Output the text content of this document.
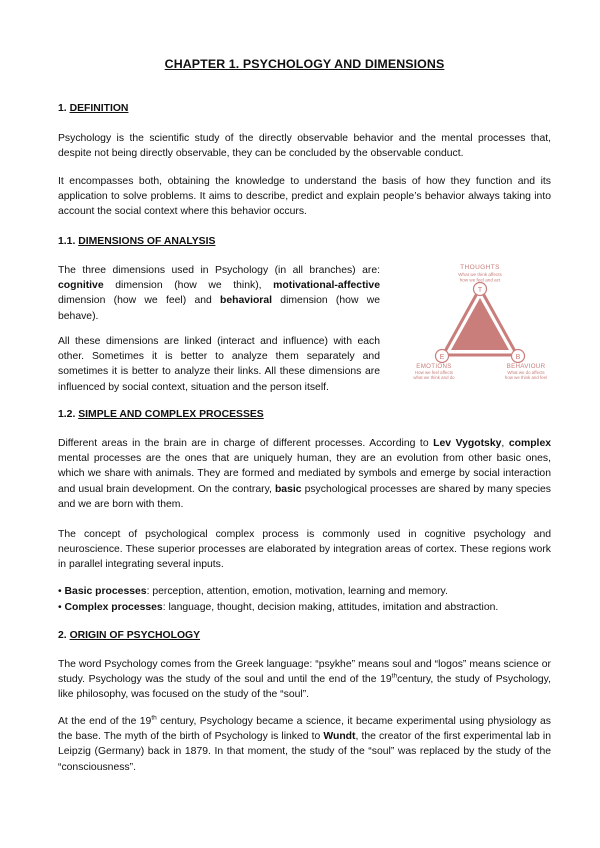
CHAPTER 1. PSYCHOLOGY AND DIMENSIONS
1. DEFINITION

Psychology is the scientific study of the directly observable behavior and the mental processes that, despite not being directly observable, they can be concluded by the observable conduct.

It encompasses both, obtaining the knowledge to understand the basis of how they function and its application to solve problems. It aims to describe, predict and explain people’s behavior always taking into account the social context where this behavior occurs.

1.1. DIMENSIONS OF ANALYSIS

The three dimensions used in Psychology (in all branches) are: cognitive dimension (how we think), motivational-affective dimension (how we feel) and behavioral dimension (how we behave).

All these dimensions are linked (interact and influence) with each other. Sometimes it is better to analyze them separately and sometimes it is better to analyze their links. All these dimensions are influenced by social context, situation and the person itself.

THOUGHTS
What we think affects
how we feel and act
T
E	B
EMOTIONS
How we feel affects
what we think and do
BEHAVIOUR
What we do affects
how we think and feel
1.2. SIMPLE AND COMPLEX PROCESSES

Different areas in the brain are in charge of different processes. According to Lev Vygotsky, complex mental processes are the ones that are uniquely human, they are an evolution from other basic ones, which we share with animals. They are formed and mediated by symbols and emerge by social interaction and usual brain development. On the contrary, basic psychological processes are shared by many species and we are born with them.

The concept of psychological complex process is commonly used in cognitive psychology and neuroscience. These superior processes are elaborated by integration areas of cortex. These regions work in parallel integrating several inputs.

• Basic processes: perception, attention, emotion, motivation, learning and memory.
• Complex processes: language, thought, decision making, attitudes, imitation and abstraction.
2. ORIGIN OF PSYCHOLOGY

The word Psychology comes from the Greek language: “psykhe” means soul and “logos” means science or study. Psychology was the study of the soul and until the end of the 19thcentury, the study of Psychology, like philosophy, was focused on the study of the “soul”.

At the end of the 19th century, Psychology became a science, it became experimental using physiology as the base. The myth of the birth of Psychology is linked to Wundt, the creator of the first experimental lab in Leipzig (Germany) back in 1879. In that moment, the study of the “soul” was replaced by the study of the “consciousness”.
